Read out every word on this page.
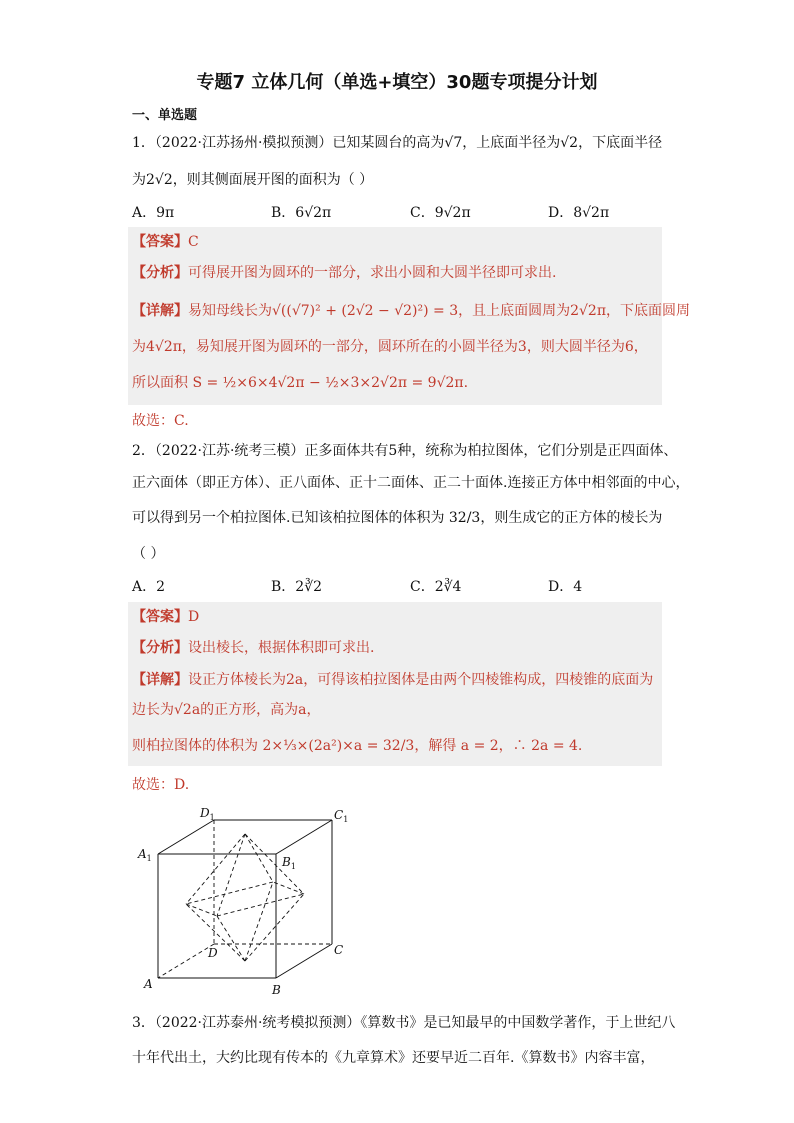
专题7 立体几何（单选+填空）30题专项提分计划
一、单选题
1．（2022·江苏扬州·模拟预测）已知某圆台的高为√7，上底面半径为√2，下底面半径
为2√2，则其侧面展开图的面积为（ ）
A．9π	B．6√2π	C．9√2π	D．8√2π
【答案】C
【分析】可得展开图为圆环的一部分，求出小圆和大圆半径即可求出.
【详解】易知母线长为√((√7)² + (2√2 − √2)²) = 3，且上底面圆周为2√2π，下底面圆周
为4√2π，易知展开图为圆环的一部分，圆环所在的小圆半径为3，则大圆半径为6，
所以面积 S = ½×6×4√2π − ½×3×2√2π = 9√2π.
故选：C.
2．（2022·江苏·统考三模）正多面体共有5种，统称为柏拉图体，它们分别是正四面体、
正六面体（即正方体）、正八面体、正十二面体、正二十面体.连接正方体中相邻面的中心，
可以得到另一个柏拉图体.已知该柏拉图体的体积为 32/3，则生成它的正方体的棱长为
（ ）
A．2	B．2∛2	C．2∛4	D．4
【答案】D
【分析】设出棱长，根据体积即可求出.
【详解】设正方体棱长为2a，可得该柏拉图体是由两个四棱锥构成，四棱锥的底面为
边长为√2a的正方形，高为a，
则柏拉图体的体积为 2×⅓×(2a²)×a = 32/3，解得 a = 2，∴ 2a = 4.
故选：D.
$D_1$	$C_1$
$A_1$	$B_1$
D	C
A	B
3．（2022·江苏泰州·统考模拟预测）《算数书》是已知最早的中国数学著作，于上世纪八
十年代出土，大约比现有传本的《九章算术》还要早近二百年.《算数书》内容丰富，
